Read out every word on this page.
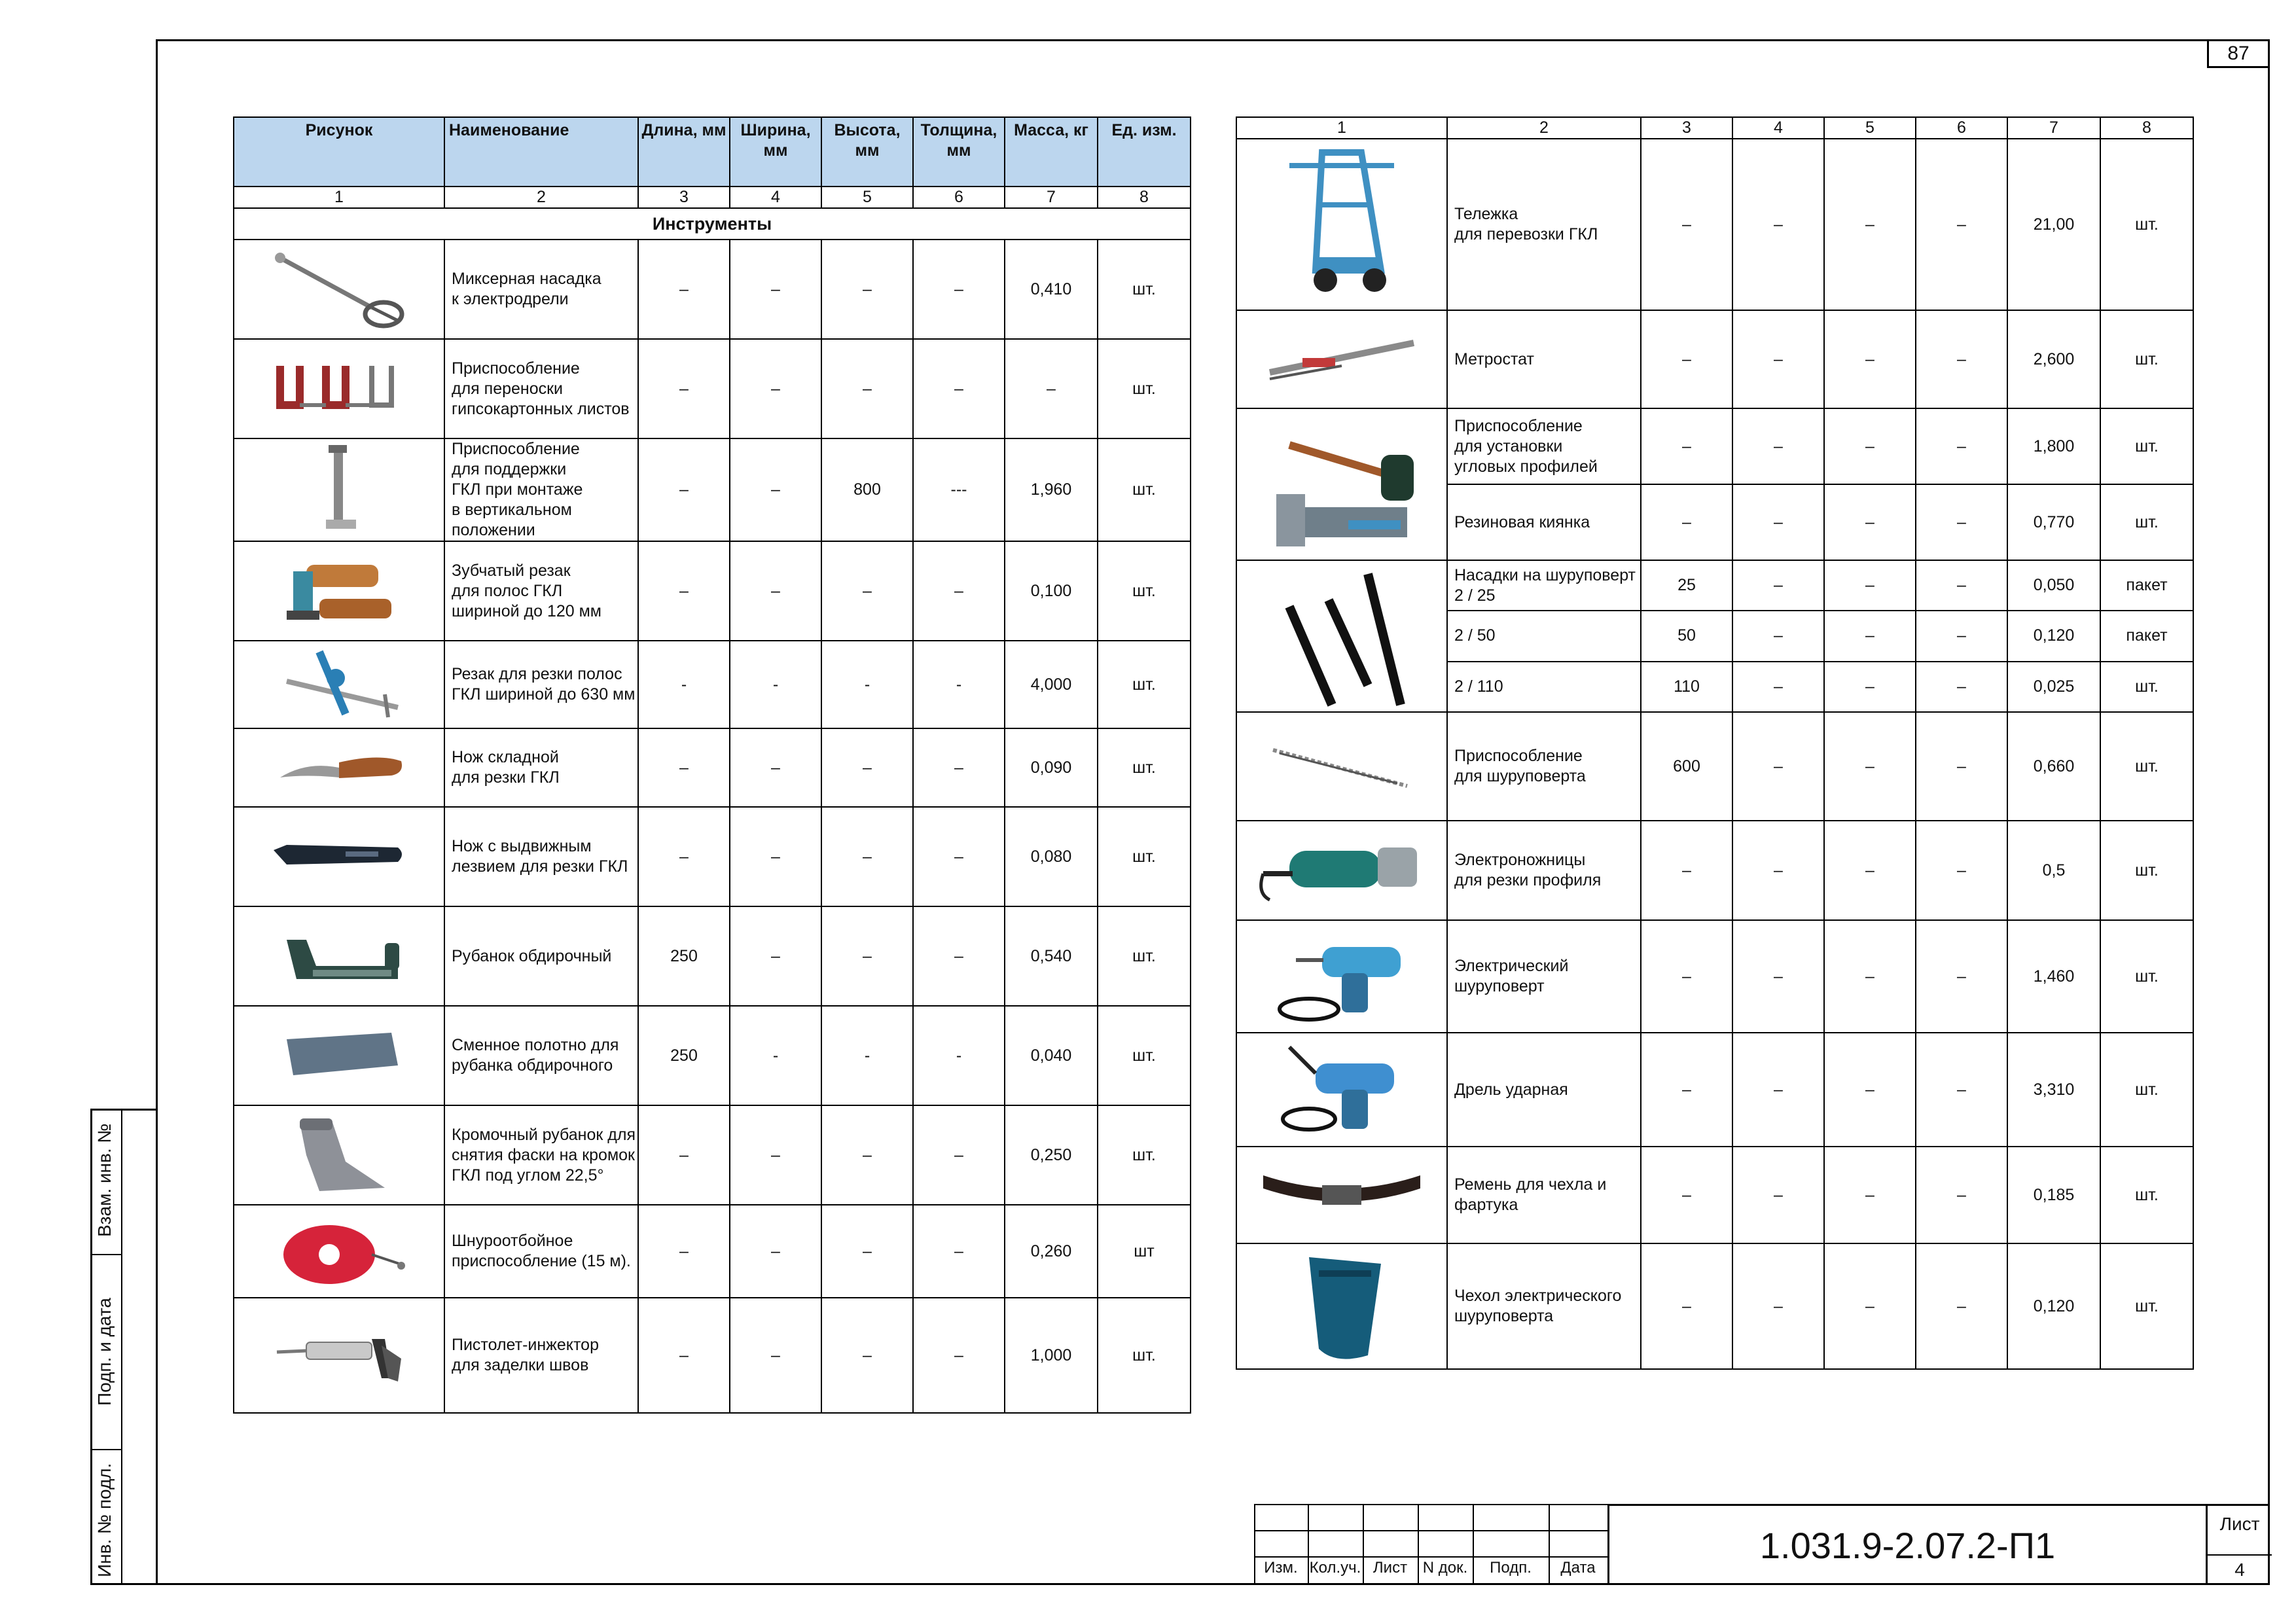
87
Рисунок	Наименование	Длина, мм	Ширина, мм	Высота, мм	Толщина, мм	Масса, кг	Ед. изм.
1	2	3	4	5	6	7	8
Инструменты							

Миксерная насадка
к электродрели	–	–	–	–	0,410	шт.

Приспособление
для переноски
гипсокартонных листов	–	–	–	–	–	шт.

Приспособление
для поддержки
ГКЛ при монтаже
в вертикальном
положении	–	–	800	---	1,960	шт.

Зубчатый резак
для полос ГКЛ
шириной до 120 мм	–	–	–	–	0,100	шт.

Резак для резки полос
ГКЛ шириной до 630 мм	-	-	-	-	4,000	шт.

Нож складной
для резки ГКЛ	–	–	–	–	0,090	шт.

Нож с выдвижным
лезвием для резки ГКЛ	–	–	–	–	0,080	шт.

Рубанок обдирочный	250	–	–	–	0,540	шт.

Сменное полотно для
рубанка обдирочного	250	-	-	-	0,040	шт.

Кромочный рубанок для
снятия фаски на кромок
ГКЛ под углом 22,5°	–	–	–	–	0,250	шт.

Шнуроотбойное
приспособление (15 м).	–	–	–	–	0,260	шт

Пистолет-инжектор
для заделки швов	–	–	–	–	1,000	шт.
1	2	3	4	5	6	7	8

Тележка
для перевозки ГКЛ	–	–	–	–	21,00	шт.

Метростат	–	–	–	–	2,600	шт.

Приспособление
для установки
угловых профилей	–	–	–	–	1,800	шт.

	Резиновая киянка	–	–	–	–	0,770	шт.

Насадки на шуруповерт
2 / 25	25	–	–	–	0,050	пакет

	2 / 50	50	–	–	–	0,120	пакет

	2 / 110	110	–	–	–	0,025	шт.

Приспособление
для шуруповерта	600	–	–	–	0,660	шт.

Электроножницы
для резки профиля	–	–	–	–	0,5	шт.

Электрический
шуруповерт	–	–	–	–	1,460	шт.

Дрель ударная	–	–	–	–	3,310	шт.

Ремень для чехла и
фартука	–	–	–	–	0,185	шт.

Чехол электрического
шуруповерта	–	–	–	–	0,120	шт.
Взам. инв. №
Подп. и дата
Инв. № подл.	Изм. Кол.уч. Лист N док.	Подп.	Дата
1.031.9-2.07.2-П1
Лист
4
